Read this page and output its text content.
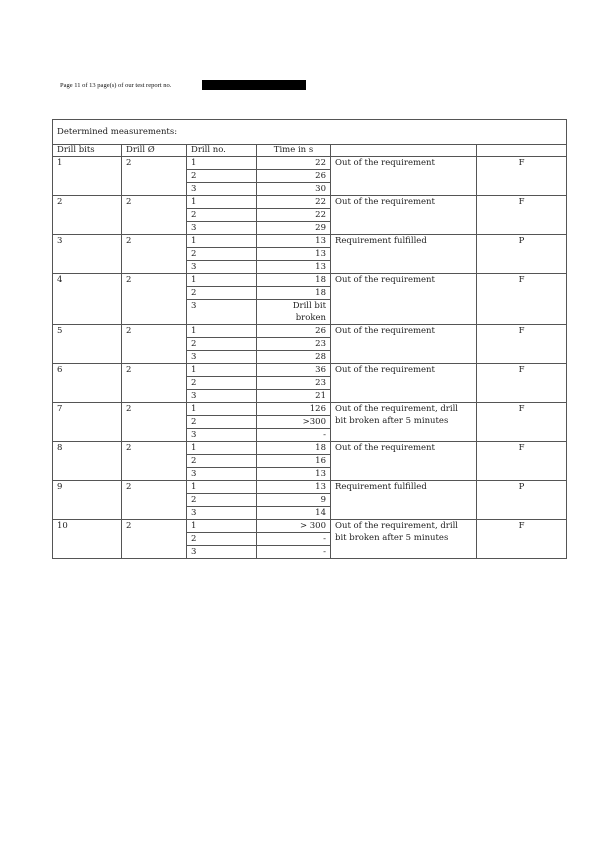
Page 11 of 13 page(s) of our test report no.
Determined measurements:					
Drill bits	Drill Ø	Drill no.	Time in s		
1	2	1	22	Out of the requirement	F
		2	26		
		3	30		
2	2	1	22	Out of the requirement	F
		2	22		
		3	29		
3	2	1	13	Requirement fulfilled	P
		2	13		
		3	13		
4	2	1	18	Out of the requirement	F
		2	18		
		3	Drill bit broken		
5	2	1	26	Out of the requirement	F
		2	23		
		3	28		
6	2	1	36	Out of the requirement	F
		2	23		
		3	21		
7	2	1	126	Out of the requirement, drill bit broken after 5 minutes	F
		2	>300		
		3	-		
8	2	1	18	Out of the requirement	F
		2	16		
		3	13		
9	2	1	13	Requirement fulfilled	P
		2	9		
		3	14		
10	2	1	> 300	Out of the requirement, drill bit broken after 5 minutes	F
		2	-		
		3	-		
